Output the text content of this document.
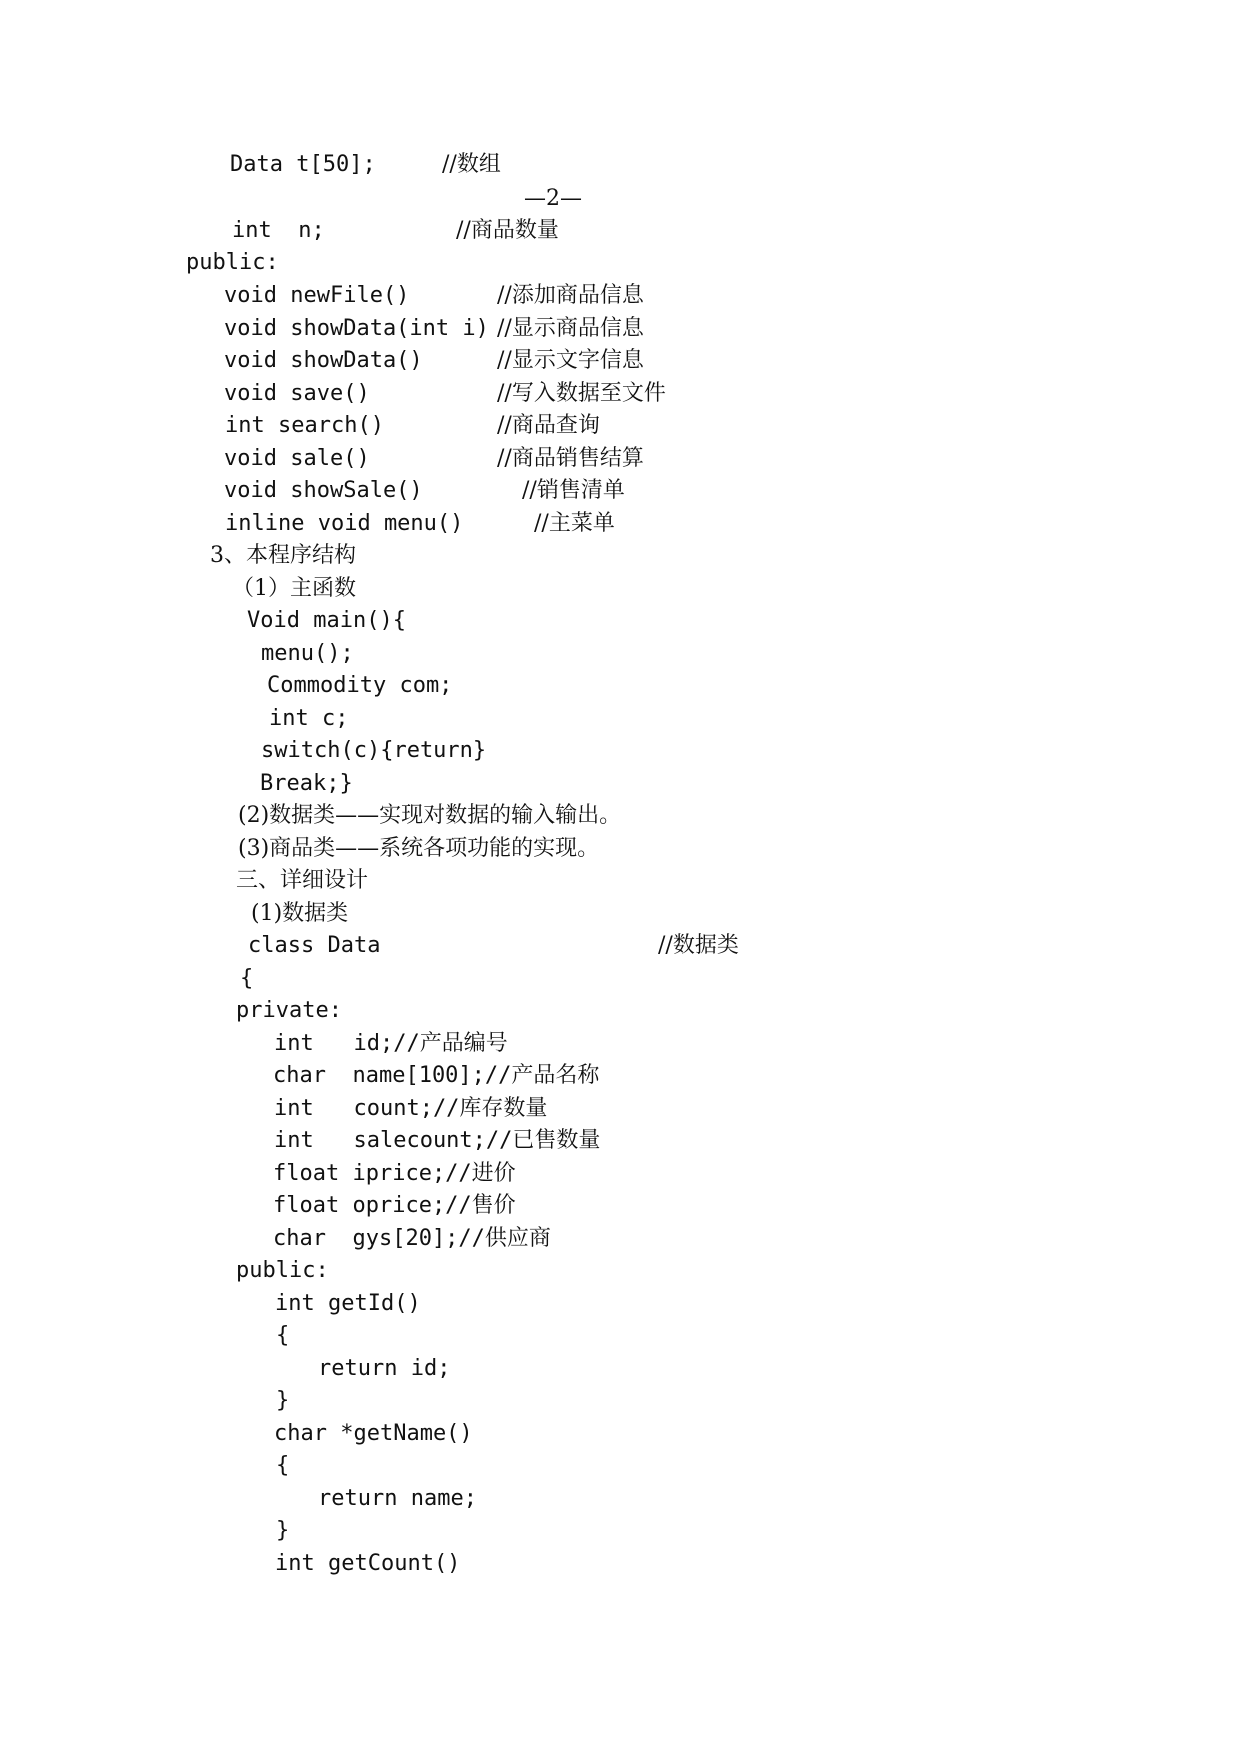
Data t[50];	//数组
—2—
int  n;	//商品数量
public:
void newFile()	//添加商品信息
void showData(int i) //显示商品信息
void showData()	//显示文字信息
void save()	//写入数据至文件
int search()	//商品查询
void sale()	//商品销售结算
void showSale()	//销售清单
inline void menu()	//主菜单
3、本程序结构
（1）主函数
Void main(){
menu();
Commodity com;
int c;
switch(c){return}
Break;}
(2)数据类——实现对数据的输入输出。
(3)商品类——系统各项功能的实现。
三、详细设计
(1)数据类
class Data	//数据类
{
private:
int   id;//产品编号
char  name[100];//产品名称
int   count;//库存数量
int   salecount;//已售数量
float iprice;//进价
float oprice;//售价
char  gys[20];//供应商
public:
int getId()
{
return id;
}
char *getName()
{
return name;
}
int getCount()
